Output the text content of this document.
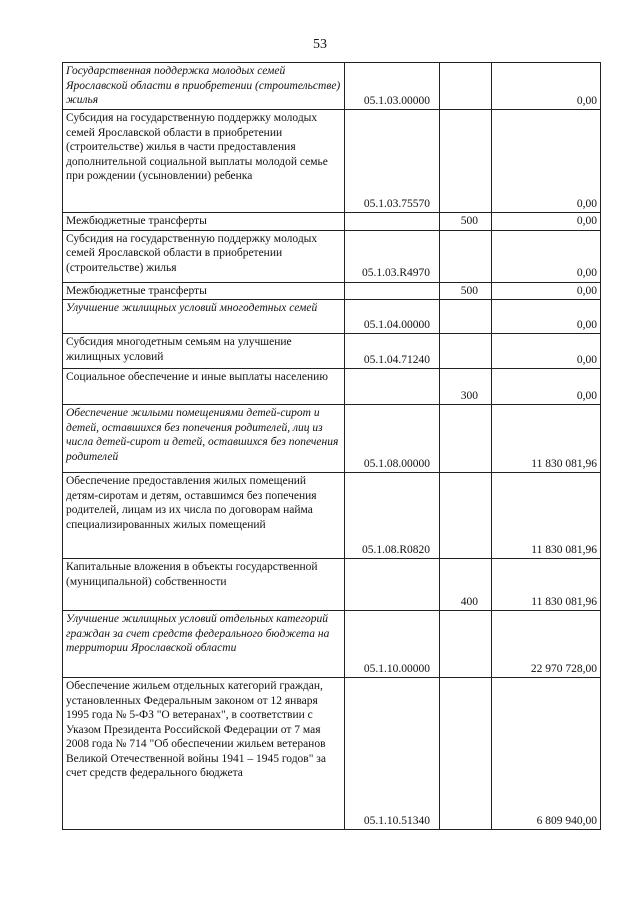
53
Государственная поддержка молодых семей Ярославской области в приобретении (строительстве) жилья	05.1.03.00000		0,00
Субсидия на государственную поддержку молодых семей Ярославской области в приобретении (строительстве) жилья в части предоставления дополнительной социальной выплаты молодой семье при рождении (усыновлении) ребенка	05.1.03.75570		0,00
Межбюджетные трансферты		500	0,00
Субсидия на государственную поддержку молодых семей Ярославской области в приобретении (строительстве) жилья	05.1.03.R4970		0,00
Межбюджетные трансферты		500	0,00
Улучшение жилищных условий многодетных семей	05.1.04.00000		0,00
Субсидия многодетным семьям на улучшение жилищных условий	05.1.04.71240		0,00
Социальное обеспечение и иные выплаты населению		300	0,00
Обеспечение жилыми помещениями детей-сирот и детей, оставшихся без попечения родителей, лиц из числа детей-сирот и детей, оставшихся без попечения родителей	05.1.08.00000		11 830 081,96
Обеспечение предоставления жилых помещений детям-сиротам и детям, оставшимся без попечения родителей, лицам из их числа по договорам найма специализированных жилых помещений	05.1.08.R0820		11 830 081,96
Капитальные вложения в объекты государственной (муниципальной) собственности		400	11 830 081,96
Улучшение жилищных условий отдельных категорий граждан за счет средств федерального бюджета на территории Ярославской области	05.1.10.00000		22 970 728,00
Обеспечение жильем отдельных категорий граждан, установленных Федеральным законом от 12 января 1995 года № 5-ФЗ "О ветеранах", в соответствии с Указом Президента Российской Федерации от 7 мая 2008 года № 714 "Об обеспечении жильем ветеранов Великой Отечественной войны 1941 – 1945 годов" за счет средств федерального бюджета	05.1.10.51340		6 809 940,00
